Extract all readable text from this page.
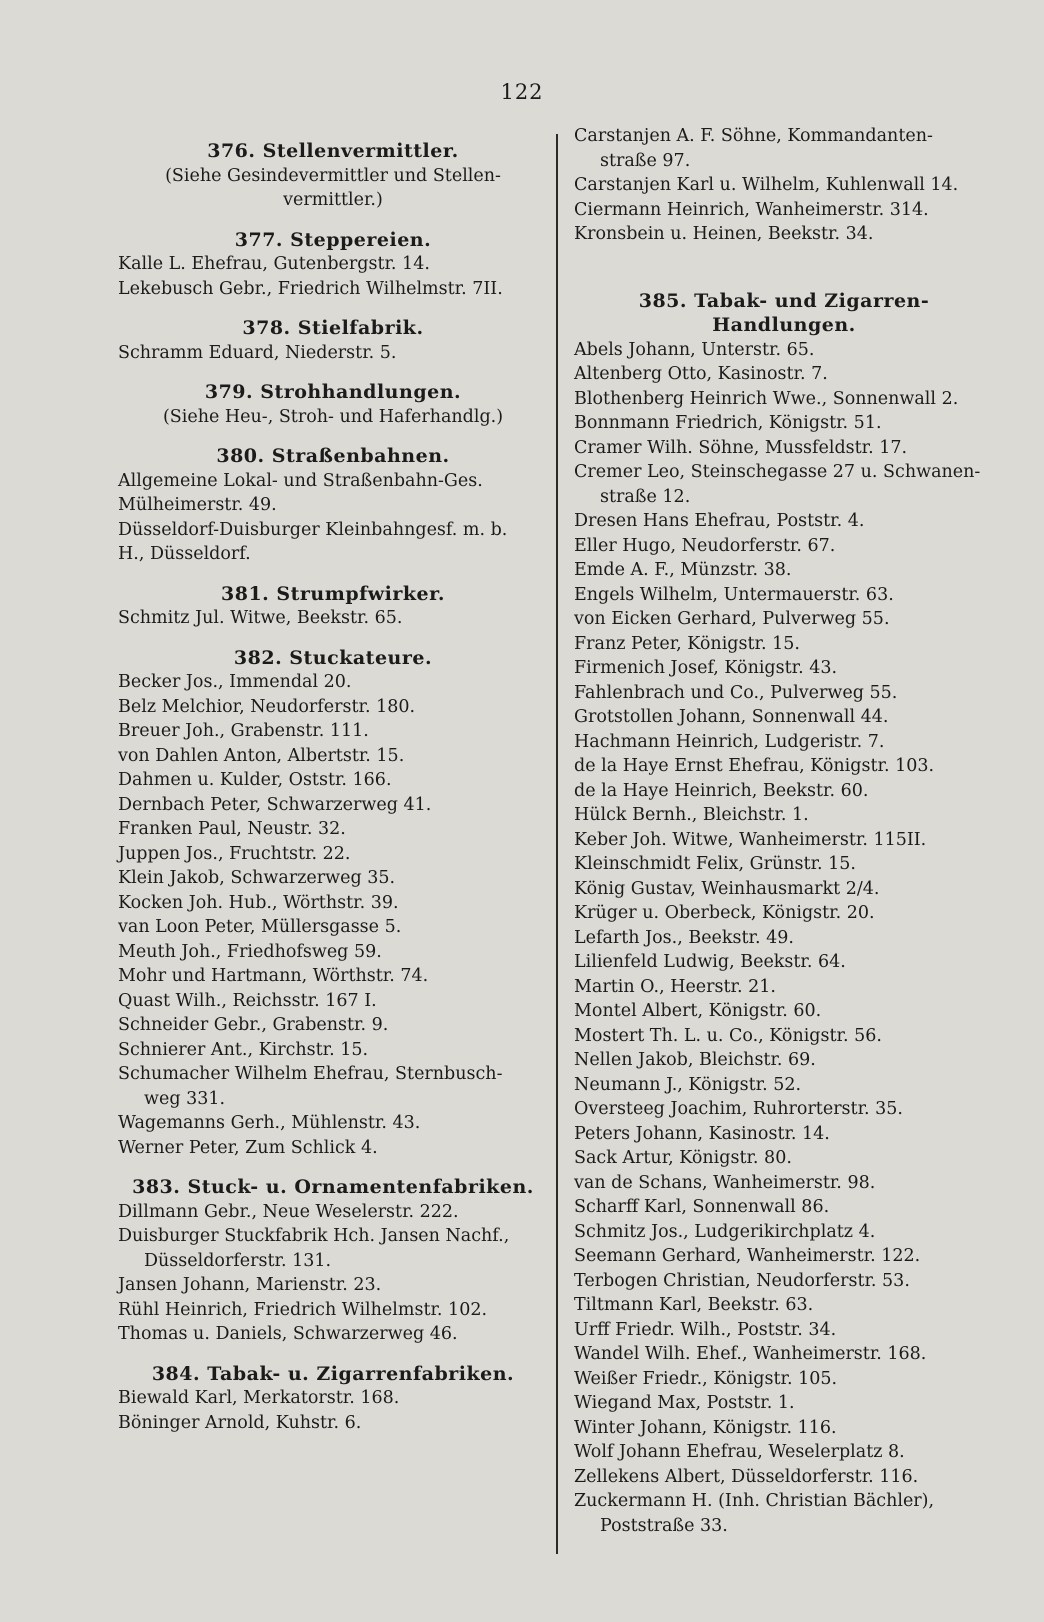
122
376. Stellenvermittler.
(Siehe Gesindevermittler und Stellen-
vermittler.)
377. Steppereien.
Kalle L. Ehefrau, Gutenbergstr. 14.
Lekebusch Gebr., Friedrich Wilhelmstr. 7II.
378. Stielfabrik.
Schramm Eduard, Niederstr. 5.
379. Strohhandlungen.
(Siehe Heu-, Stroh- und Haferhandlg.)
380. Straßenbahnen.
Allgemeine Lokal- und Straßenbahn-Ges.
Mülheimerstr. 49.
Düsseldorf-Duisburger Kleinbahngesf. m. b.
H., Düsseldorf.
381. Strumpfwirker.
Schmitz Jul. Witwe, Beekstr. 65.
382. Stuckateure.
Becker Jos., Immendal 20.
Belz Melchior, Neudorferstr. 180.
Breuer Joh., Grabenstr. 111.
von Dahlen Anton, Albertstr. 15.
Dahmen u. Kulder, Oststr. 166.
Dernbach Peter, Schwarzerweg 41.
Franken Paul, Neustr. 32.
Juppen Jos., Fruchtstr. 22.
Klein Jakob, Schwarzerweg 35.
Kocken Joh. Hub., Wörthstr. 39.
van Loon Peter, Müllersgasse 5.
Meuth Joh., Friedhofsweg 59.
Mohr und Hartmann, Wörthstr. 74.
Quast Wilh., Reichsstr. 167 I.
Schneider Gebr., Grabenstr. 9.
Schnierer Ant., Kirchstr. 15.
Schumacher Wilhelm Ehefrau, Sternbusch-
weg 331.
Wagemanns Gerh., Mühlenstr. 43.
Werner Peter, Zum Schlick 4.
383. Stuck- u. Ornamentenfabriken.
Dillmann Gebr., Neue Weselerstr. 222.
Duisburger Stuckfabrik Hch. Jansen Nachf.,
Düsseldorferstr. 131.
Jansen Johann, Marienstr. 23.
Rühl Heinrich, Friedrich Wilhelmstr. 102.
Thomas u. Daniels, Schwarzerweg 46.
384. Tabak- u. Zigarrenfabriken.
Biewald Karl, Merkatorstr. 168.
Böninger Arnold, Kuhstr. 6.
Carstanjen A. F. Söhne, Kommandanten-
straße 97.
Carstanjen Karl u. Wilhelm, Kuhlenwall 14.
Ciermann Heinrich, Wanheimerstr. 314.
Kronsbein u. Heinen, Beekstr. 34.
385. Tabak- und Zigarren-
Handlungen.
Abels Johann, Unterstr. 65.
Altenberg Otto, Kasinostr. 7.
Blothenberg Heinrich Wwe., Sonnenwall 2.
Bonnmann Friedrich, Königstr. 51.
Cramer Wilh. Söhne, Mussfeldstr. 17.
Cremer Leo, Steinschegasse 27 u. Schwanen-
straße 12.
Dresen Hans Ehefrau, Poststr. 4.
Eller Hugo, Neudorferstr. 67.
Emde A. F., Münzstr. 38.
Engels Wilhelm, Untermauerstr. 63.
von Eicken Gerhard, Pulverweg 55.
Franz Peter, Königstr. 15.
Firmenich Josef, Königstr. 43.
Fahlenbrach und Co., Pulverweg 55.
Grotstollen Johann, Sonnenwall 44.
Hachmann Heinrich, Ludgeristr. 7.
de la Haye Ernst Ehefrau, Königstr. 103.
de la Haye Heinrich, Beekstr. 60.
Hülck Bernh., Bleichstr. 1.
Keber Joh. Witwe, Wanheimerstr. 115II.
Kleinschmidt Felix, Grünstr. 15.
König Gustav, Weinhausmarkt 2/4.
Krüger u. Oberbeck, Königstr. 20.
Lefarth Jos., Beekstr. 49.
Lilienfeld Ludwig, Beekstr. 64.
Martin O., Heerstr. 21.
Montel Albert, Königstr. 60.
Mostert Th. L. u. Co., Königstr. 56.
Nellen Jakob, Bleichstr. 69.
Neumann J., Königstr. 52.
Oversteeg Joachim, Ruhrorterstr. 35.
Peters Johann, Kasinostr. 14.
Sack Artur, Königstr. 80.
van de Schans, Wanheimerstr. 98.
Scharff Karl, Sonnenwall 86.
Schmitz Jos., Ludgerikirchplatz 4.
Seemann Gerhard, Wanheimerstr. 122.
Terbogen Christian, Neudorferstr. 53.
Tiltmann Karl, Beekstr. 63.
Urff Friedr. Wilh., Poststr. 34.
Wandel Wilh. Ehef., Wanheimerstr. 168.
Weißer Friedr., Königstr. 105.
Wiegand Max, Poststr. 1.
Winter Johann, Königstr. 116.
Wolf Johann Ehefrau, Weselerplatz 8.
Zellekens Albert, Düsseldorferstr. 116.
Zuckermann H. (Inh. Christian Bächler),
Poststraße 33.
